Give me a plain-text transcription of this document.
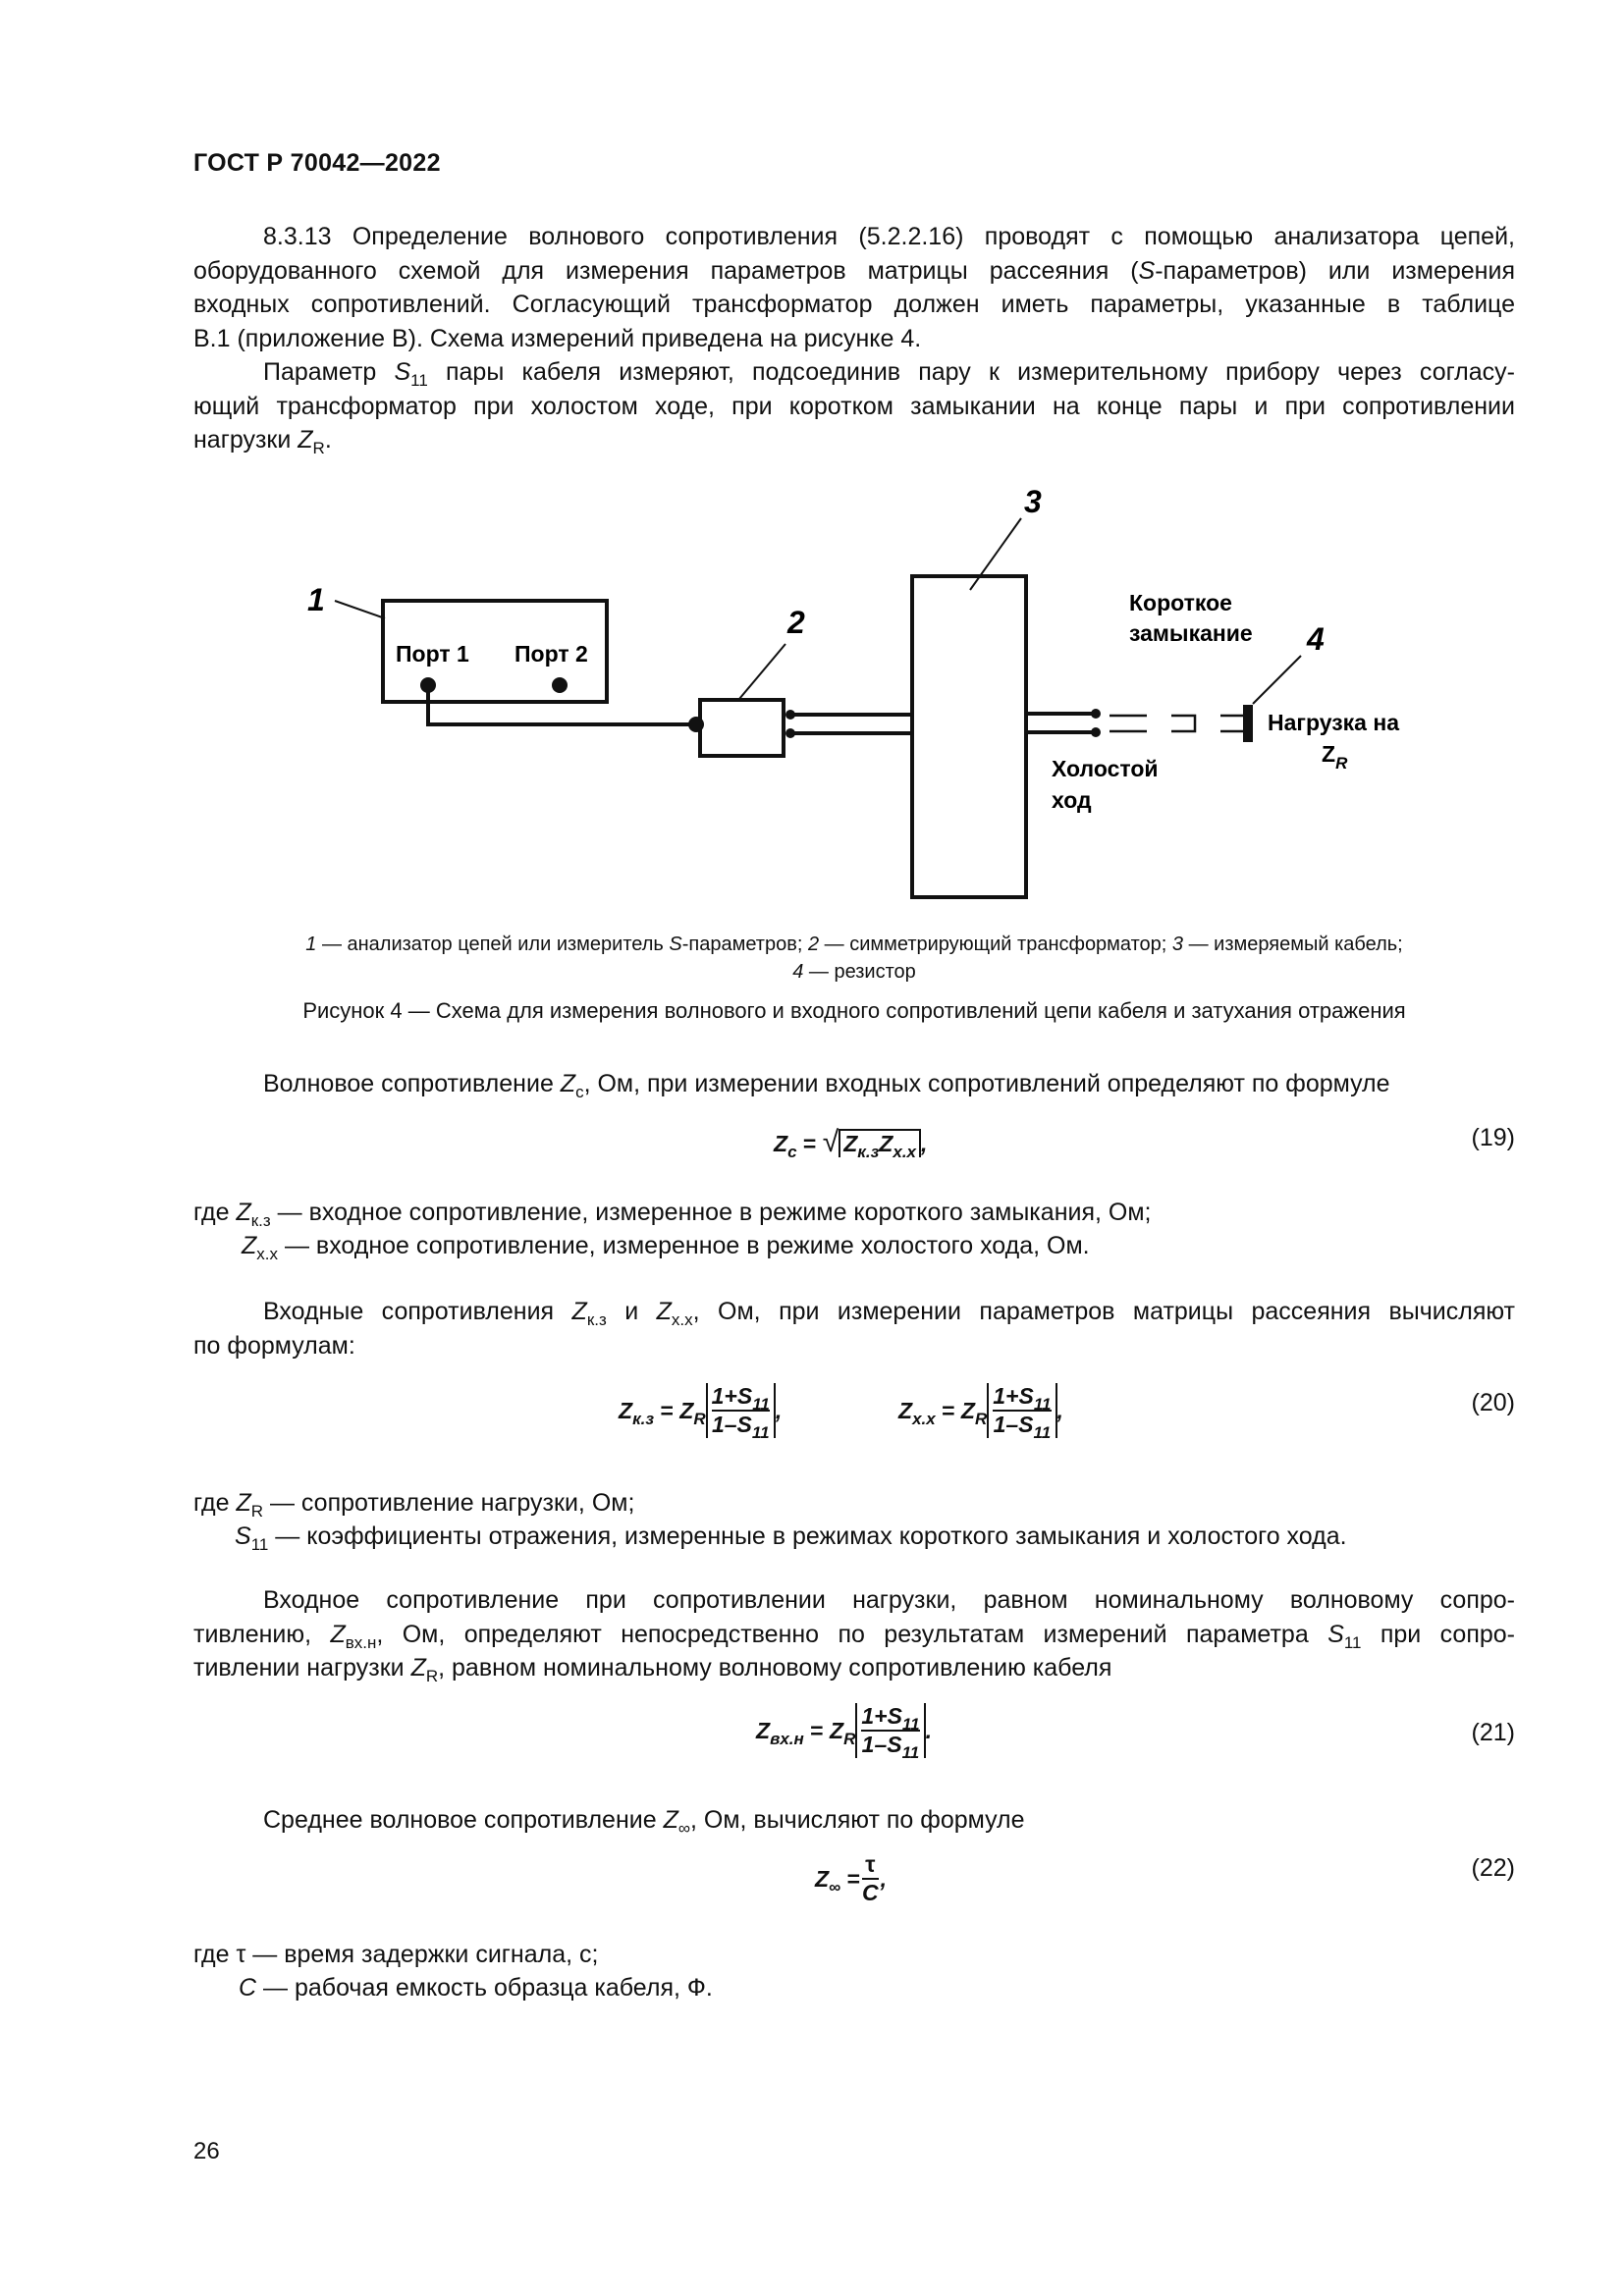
ГОСТ Р 70042—2022
8.3.13 Определение волнового сопротивления (5.2.2.16) проводят с помощью анализатора цепей,
оборудованного схемой для измерения параметров матрицы рассеяния (S-параметров) или измерения
входных сопротивлений. Согласующий трансформатор должен иметь параметры, указанные в таблице
В.1 (приложение В). Схема измерений приведена на рисунке 4.
Параметр $S_{11}$ пары кабеля измеряют, подсоединив пару к измерительному прибору через согласу-
ющий трансформатор при холостом ходе, при коротком замыкании на конце пары и при сопротивлении
нагрузки $Z_R$.
1
2
3
4
Порт 1 Порт 2
Короткое
замыкание
Холостой
ход
Нагрузка на
$Z_R$
1 — анализатор цепей или измеритель S-параметров; 2 — симметрирующий трансформатор; 3 — измеряемый кабель;
4 — резистор
Рисунок 4 — Схема для измерения волнового и входного сопротивлений цепи кабеля и затухания отражения
Волновое сопротивление $Z_c$, Ом, при измерении входных сопротивлений определяют по формуле
$Z_c$ = √ $Z_{к.з}Z_{х.х}$ ,	(19)
где $Z_{к.з}$ — входное сопротивление, измеренное в режиме короткого замыкания, Ом;
$Z_{х.х}$ — входное сопротивление, измеренное в режиме холостого хода, Ом.
Входные сопротивления $Z_{к.з}$ и $Z_{х.х}$, Ом, при измерении параметров матрицы рассеяния вычисляют
по формулам:
$Z_{к.з} = Z_R$	
$1+S_{11}$
$1-S_{11}$
	,	$Z_{х.х} = Z_R$	
$1+S_{11}$
$1-S_{11}$
	,	(20)
где $Z_R$ — сопротивление нагрузки, Ом;
$S_{11}$ — коэффициенты отражения, измеренные в режимах короткого замыкания и холостого хода.
Входное сопротивление при сопротивлении нагрузки, равном номинальному волновому сопро-
тивлению, $Z_{вх.н}$, Ом, определяют непосредственно по результатам измерений параметра $S_{11}$ при сопро-
тивлении нагрузки $Z_R$, равном номинальному волновому сопротивлению кабеля
$Z_{вх.н} = Z_R$	
$1+S_{11}$
$1-S_{11}$
	.	(21)
Среднее волновое сопротивление $Z_\infty$, Ом, вычисляют по формуле
$Z_\infty$ =	
τ
C
	,	(22)
где τ — время задержки сигнала, с;
C — рабочая емкость образца кабеля, Ф.
26
